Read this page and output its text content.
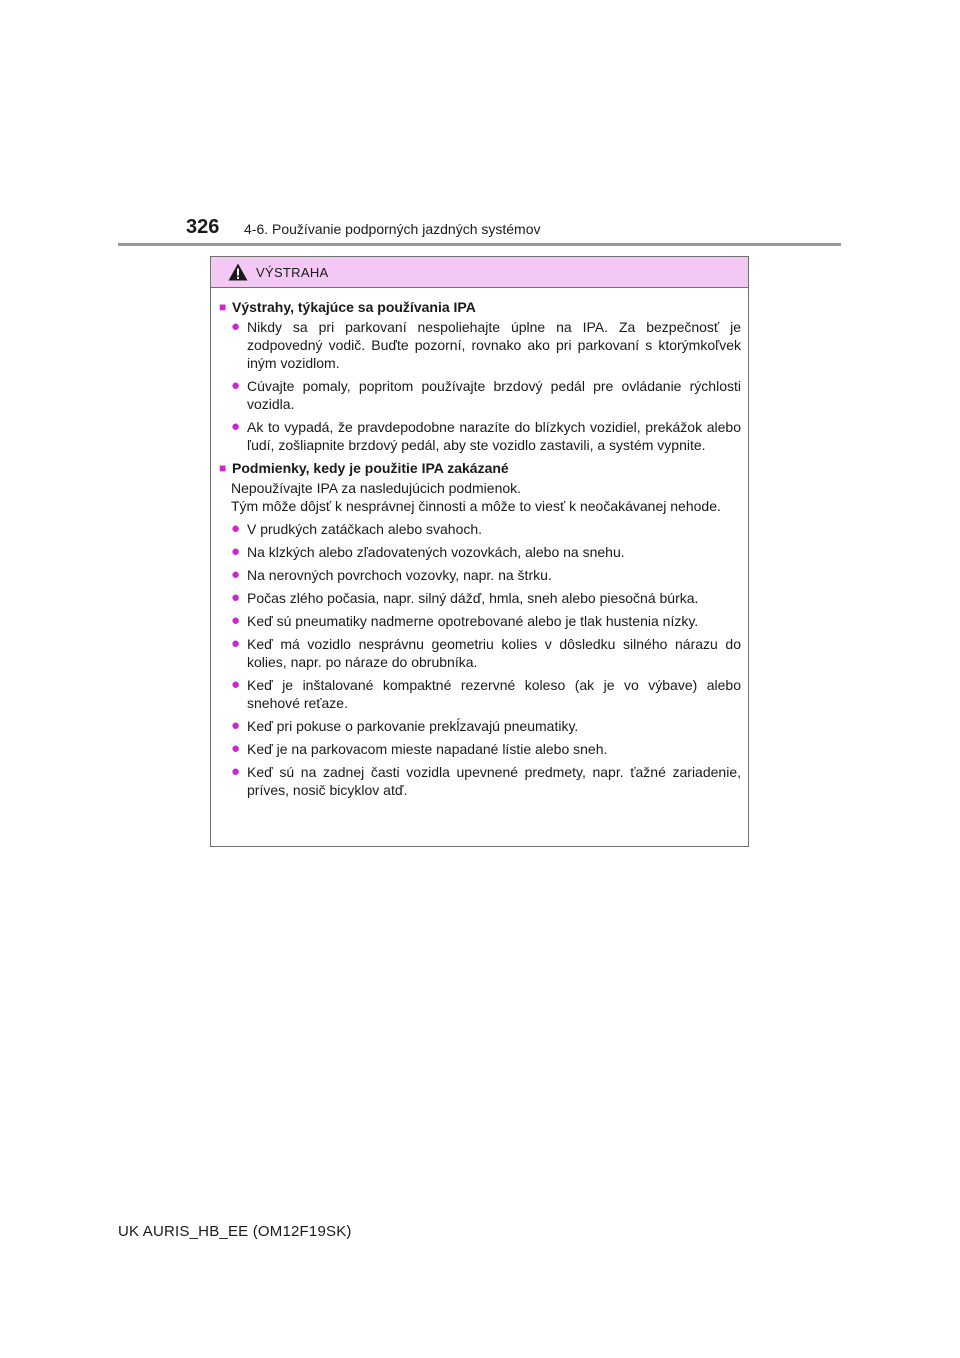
326 4-6. Používanie podporných jazdných systémov
VÝSTRAHA
■ Výstrahy, týkajúce sa používania IPA
● Nikdy sa pri parkovaní nespoliehajte úplne na IPA. Za bezpečnosť je zodpovedný vodič. Buďte pozorní, rovnako ako pri parkovaní s ktorýmkoľvek iným vozidlom.
● Cúvajte pomaly, popritom používajte brzdový pedál pre ovládanie rýchlosti vozidla.
● Ak to vypadá, že pravdepodobne narazíte do blízkych vozidiel, prekážok alebo ľudí, zošliapnite brzdový pedál, aby ste vozidlo zastavili, a systém vypnite.
■ Podmienky, kedy je použitie IPA zakázané
Nepoužívajte IPA za nasledujúcich podmienok.
Tým môže dôjsť k nesprávnej činnosti a môže to viesť k neočakávanej nehode.
● V prudkých zatáčkach alebo svahoch.
● Na klzkých alebo zľadovatených vozovkách, alebo na snehu.
● Na nerovných povrchoch vozovky, napr. na štrku.
● Počas zlého počasia, napr. silný dážď, hmla, sneh alebo piesočná búrka.
● Keď sú pneumatiky nadmerne opotrebované alebo je tlak hustenia nízky.
● Keď má vozidlo nesprávnu geometriu kolies v dôsledku silného nárazu do kolies, napr. po náraze do obrubníka.
● Keď je inštalované kompaktné rezervné koleso (ak je vo výbave) alebo snehové reťaze.
● Keď pri pokuse o parkovanie prekĺzavajú pneumatiky.
● Keď je na parkovacom mieste napadané lístie alebo sneh.
● Keď sú na zadnej časti vozidla upevnené predmety, napr. ťažné zariadenie, príves, nosič bicyklov atď.
UK AURIS_HB_EE (OM12F19SK)
